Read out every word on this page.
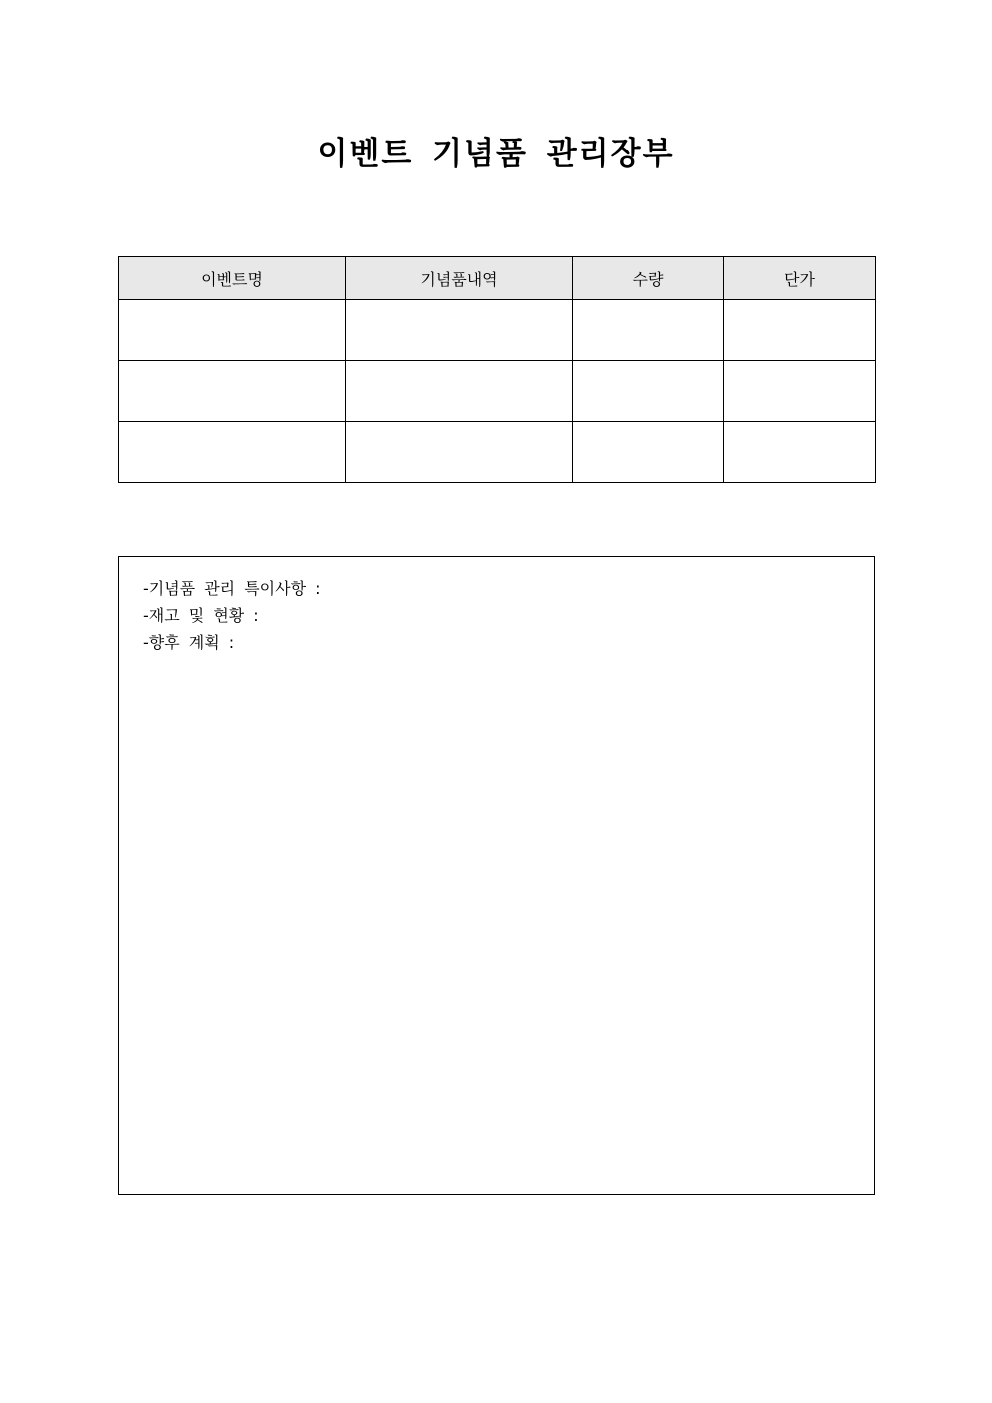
이벤트 기념품 관리장부
이벤트명	기념품내역	수량	단가

-기념품 관리 특이사항 :
-재고 및 현황 :
-향후 계획 :
